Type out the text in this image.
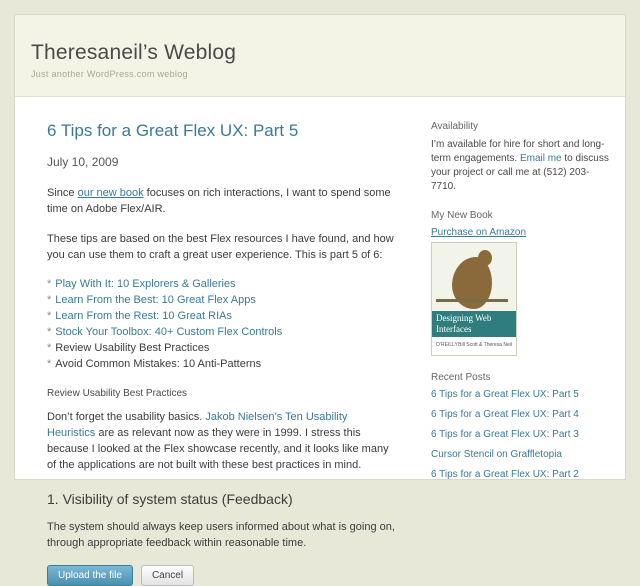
Theresaneil’s Weblog
Just another WordPress.com weblog
6 Tips for a Great Flex UX: Part 5
July 10, 2009

Since our new book focuses on rich interactions, I want to spend some time on Adobe Flex/AIR.

These tips are based on the best Flex resources I have found, and how you can use them to craft a great user experience. This is part 5 of 6:

* Play With It: 10 Explorers & Galleries
* Learn From the Best: 10 Great Flex Apps
* Learn From the Rest: 10 Great RIAs
* Stock Your Toolbox: 40+ Custom Flex Controls
* Review Usability Best Practices
* Avoid Common Mistakes: 10 Anti-Patterns
Review Usability Best Practices

Don’t forget the usability basics. Jakob Nielsen’s Ten Usability Heuristics are as relevant now as they were in 1999. I stress this because I looked at the Flex showcase recently, and it looks like many of the applications are not built with these best practices in mind.

1. Visibility of system status (Feedback)

The system should always keep users informed about what is going on, through appropriate feedback within reasonable time.

Upload the file	Cancel
Availability
I’m available for hire for short and long-term engagements. Email me to discuss your project or call me at (512) 203-7710.
My New Book
Purchase on Amazon
Designing Web Interfaces
O’REILLY Bill Scott & Theresa Neil
Recent Posts
6 Tips for a Great Flex UX: Part 5
6 Tips for a Great Flex UX: Part 4
6 Tips for a Great Flex UX: Part 3
Cursor Stencil on Graffletopia
6 Tips for a Great Flex UX: Part 2
